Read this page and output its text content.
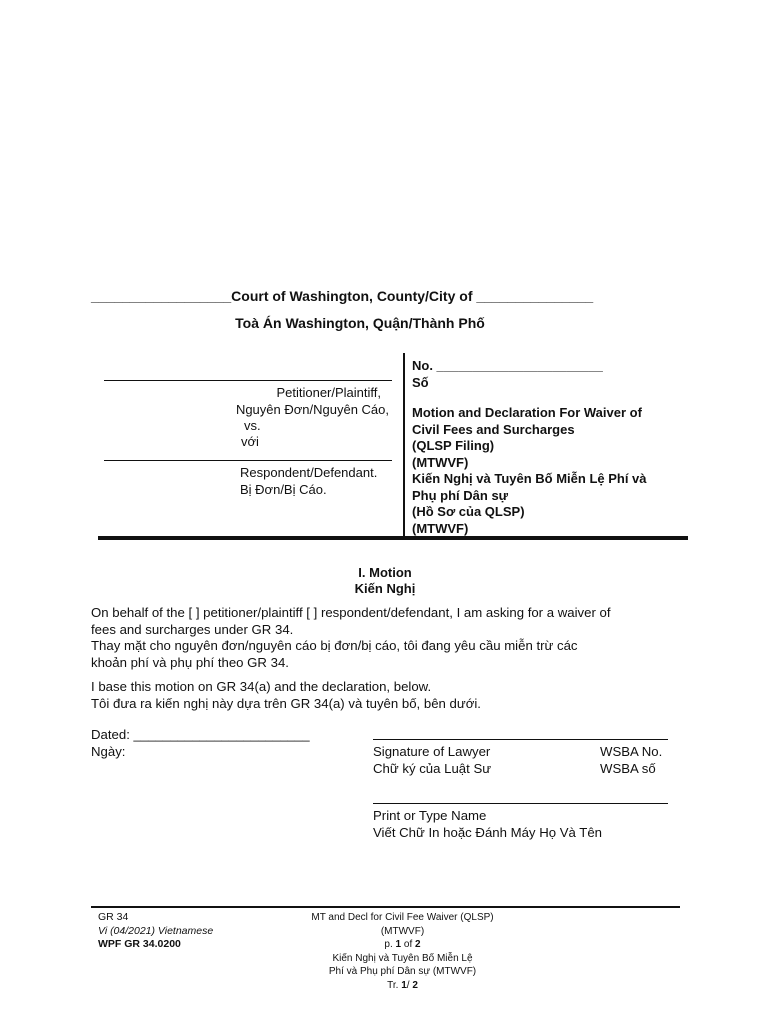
__________________Court of Washington, County/City of _______________
Toà Án Washington, Quận/Thành Phố
Petitioner/Plaintiff,
Nguyên Đơn/Nguyên Cáo,
vs.
với
Respondent/Defendant.
Bị Đơn/Bị Cáo.
No. _______________________
Số
Motion and Declaration For Waiver of
Civil Fees and Surcharges
(QLSP Filing)
(MTWVF)
Kiến Nghị và Tuyên Bố Miễn Lệ Phí và
Phụ phí Dân sự
(Hồ Sơ của QLSP)
(MTWVF)
I. Motion
Kiến Nghị
On behalf of the [ ] petitioner/plaintiff [ ] respondent/defendant, I am asking for a waiver of
fees and surcharges under GR 34.
Thay mặt cho nguyên đơn/nguyên cáo bị đơn/bị cáo, tôi đang yêu cầu miễn trừ các
khoản phí và phụ phí theo GR 34.
I base this motion on GR 34(a) and the declaration, below.
Tôi đưa ra kiến nghị này dựa trên GR 34(a) và tuyên bố, bên dưới.
Dated: ________________________
Ngày:	Signature of Lawyer
Chữ ký của Luật Sư
WSBA No.
WSBA số
Print or Type Name
Viết Chữ In hoặc Đánh Máy Họ Và Tên
GR 34
Vi (04/2021) Vietnamese
WPF GR 34.0200
MT and Decl for Civil Fee Waiver (QLSP)
(MTWVF)
p. 1 of 2
Kiến Nghị và Tuyên Bố Miễn Lệ
Phí và Phụ phí Dân sự (MTWVF)
Tr. 1/ 2
